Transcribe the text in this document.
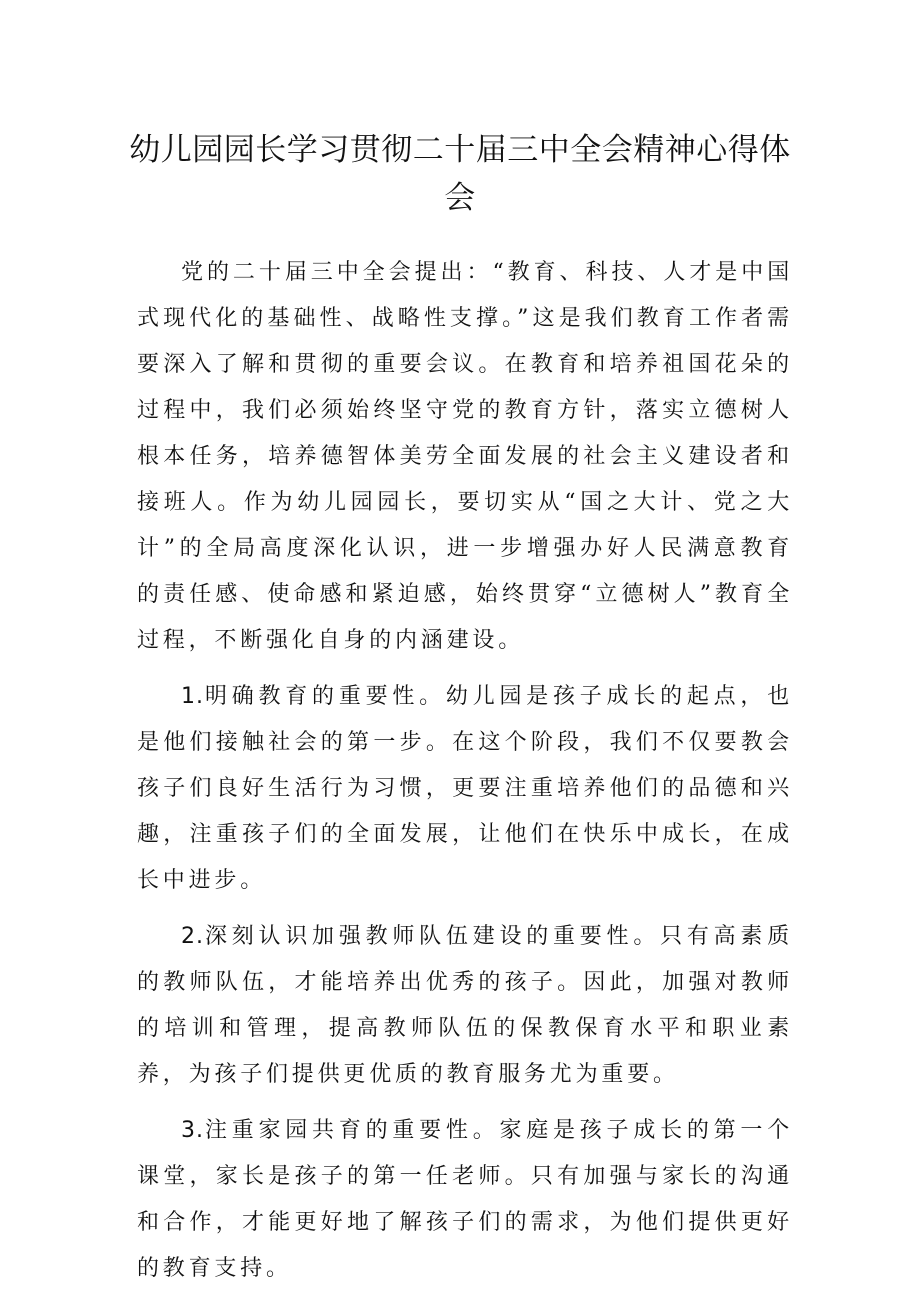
幼儿园园长学习贯彻二十届三中全会精神心得体会

党的二十届三中全会提出：“教育、科技、人才是中国式现代化的基础性、战略性支撑。”这是我们教育工作者需要深入了解和贯彻的重要会议。在教育和培养祖国花朵的过程中，我们必须始终坚守党的教育方针，落实立德树人根本任务，培养德智体美劳全面发展的社会主义建设者和接班人。作为幼儿园园长，要切实从“国之大计、党之大计”的全局高度深化认识，进一步增强办好人民满意教育的责任感、使命感和紧迫感，始终贯穿“立德树人”教育全过程，不断强化自身的内涵建设。

1.明确教育的重要性。幼儿园是孩子成长的起点，也是他们接触社会的第一步。在这个阶段，我们不仅要教会孩子们良好生活行为习惯，更要注重培养他们的品德和兴趣，注重孩子们的全面发展，让他们在快乐中成长，在成长中进步。

2.深刻认识加强教师队伍建设的重要性。只有高素质的教师队伍，才能培养出优秀的孩子。因此，加强对教师的培训和管理，提高教师队伍的保教保育水平和职业素养，为孩子们提供更优质的教育服务尤为重要。

3.注重家园共育的重要性。家庭是孩子成长的第一个课堂，家长是孩子的第一任老师。只有加强与家长的沟通和合作，才能更好地了解孩子们的需求，为他们提供更好的教育支持。
